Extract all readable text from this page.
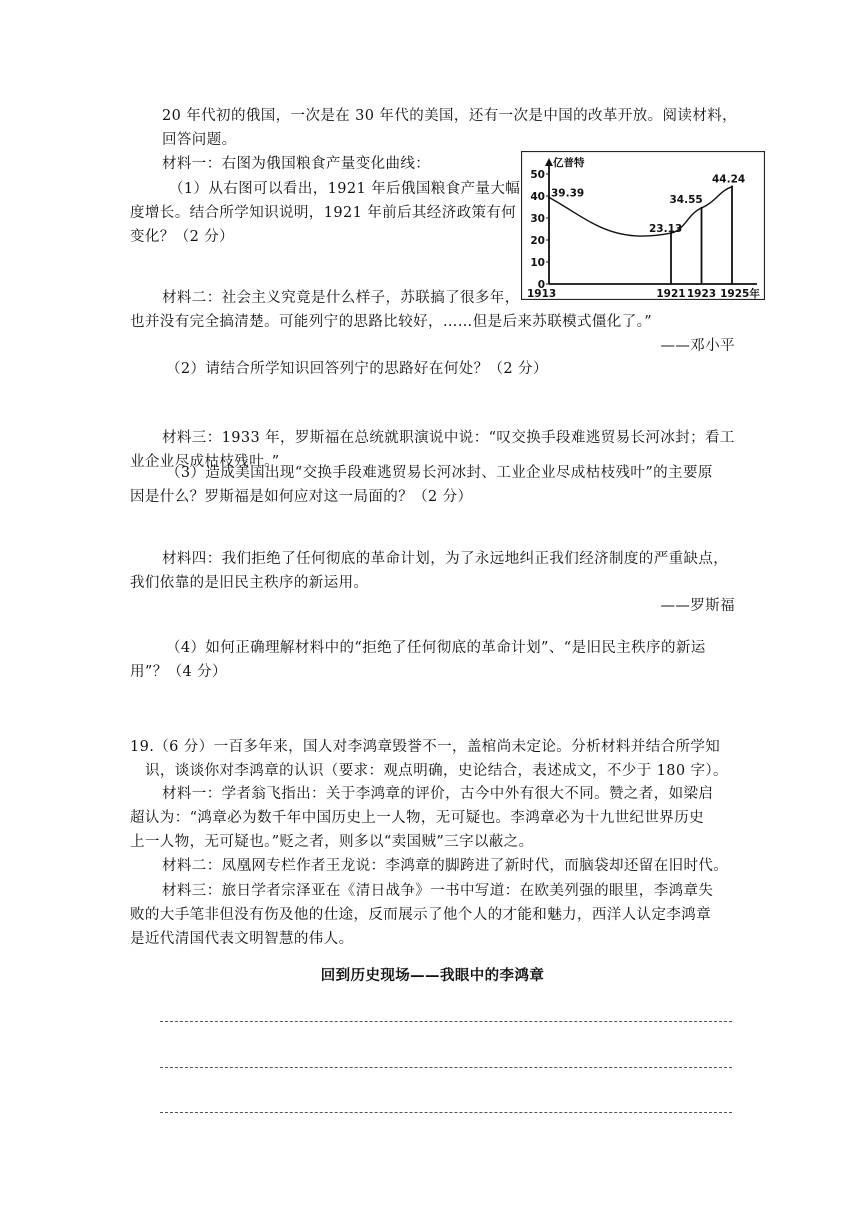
20 年代初的俄国，一次是在 30 年代的美国，还有一次是中国的改革开放。阅读材料，
回答问题。
材料一：右图为俄国粮食产量变化曲线：
（1）从右图可以看出，1921 年后俄国粮食产量大幅
度增长。结合所学知识说明，1921 年前后其经济政策有何
变化？（2 分）
亿普特
0
10
20
30
40
50
1913	1921 1923 1925年
39.39
23.13
34.55
44.24
材料二：社会主义究竟是什么样子，苏联搞了很多年，
也并没有完全搞清楚。可能列宁的思路比较好，……但是后来苏联模式僵化了。”
——邓小平
（2）请结合所学知识回答列宁的思路好在何处？（2 分）
材料三：1933 年，罗斯福在总统就职演说中说：“叹交换手段难逃贸易长河冰封；看工
业企业尽成枯枝残叶。”
（3）造成美国出现“交换手段难逃贸易长河冰封、工业企业尽成枯枝残叶”的主要原
因是什么？罗斯福是如何应对这一局面的？（2 分）
材料四：我们拒绝了任何彻底的革命计划，为了永远地纠正我们经济制度的严重缺点，
我们依靠的是旧民主秩序的新运用。
——罗斯福
（4）如何正确理解材料中的“拒绝了任何彻底的革命计划”、“是旧民主秩序的新运
用”？（4 分）
19.（6 分）一百多年来，国人对李鸿章毁誉不一，盖棺尚未定论。分析材料并结合所学知
识，谈谈你对李鸿章的认识（要求：观点明确，史论结合，表述成文，不少于 180 字）。
材料一：学者翁飞指出：关于李鸿章的评价，古今中外有很大不同。赞之者，如梁启
超认为：“鸿章必为数千年中国历史上一人物，无可疑也。李鸿章必为十九世纪世界历史
上一人物，无可疑也。”贬之者，则多以“卖国贼”三字以蔽之。
材料二：凤凰网专栏作者王龙说：李鸿章的脚跨进了新时代，而脑袋却还留在旧时代。
材料三：旅日学者宗泽亚在《清日战争》一书中写道：在欧美列强的眼里，李鸿章失
败的大手笔非但没有伤及他的仕途，反而展示了他个人的才能和魅力，西洋人认定李鸿章
是近代清国代表文明智慧的伟人。
回到历史现场——我眼中的李鸿章
